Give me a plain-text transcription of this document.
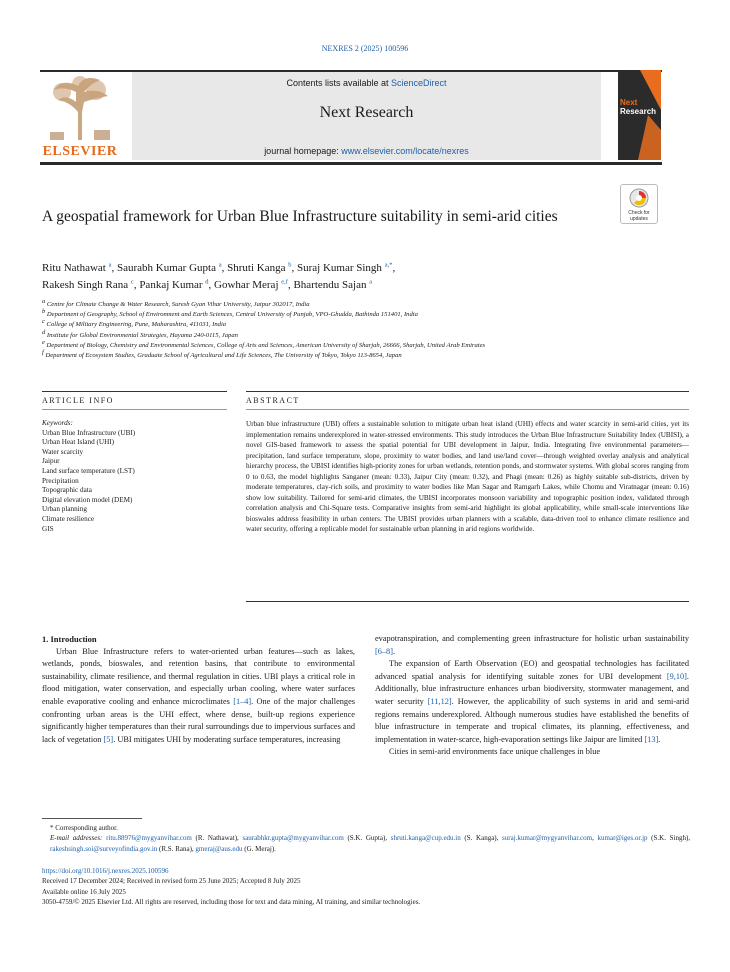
NEXRES 2 (2025) 100596
ELSEVIER
Contents lists available at ScienceDirect
Next Research
journal homepage: www.elsevier.com/locate/nexres
Next
Research
Check for
updates
A geospatial framework for Urban Blue Infrastructure suitability in semi-arid cities
Ritu Nathawat $^a$, Saurabh Kumar Gupta $^a$, Shruti Kanga $^b$, Suraj Kumar Singh $^{a,*}$,
Rakesh Singh Rana $^c$, Pankaj Kumar $^d$, Gowhar Meraj $^{e,f}$, Bhartendu Sajan $^a$
$^a$ Centre for Climate Change & Water Research, Suresh Gyan Vihar University, Jaipur 302017, India
$^b$ Department of Geography, School of Environment and Earth Sciences, Central University of Punjab, VPO-Ghudda, Bathinda 151401, India
$^c$ College of Military Engineering, Pune, Maharashtra, 411031, India
$^d$ Institute for Global Environmental Strategies, Hayama 240-0115, Japan
$^e$ Department of Biology, Chemistry and Environmental Sciences, College of Arts and Sciences, American University of Sharjah, 26666, Sharjah, United Arab Emirates
$^f$ Department of Ecosystem Studies, Graduate School of Agricultural and Life Sciences, The University of Tokyo, Tokyo 113-8654, Japan
ARTICLE INFO	ABSTRACT
Keywords:
Urban Blue Infrastructure (UBI)
Urban Heat Island (UHI)
Water scarcity
Jaipur
Land surface temperature (LST)
Precipitation
Topographic data
Digital elevation model (DEM)
Urban planning
Climate resilience
GIS
Urban blue infrastructure (UBI) offers a sustainable solution to mitigate urban heat island (UHI) effects and water scarcity in semi-arid cities, yet its implementation remains underexplored in water-stressed environments. This study introduces the Urban Blue Infrastructure Suitability Index (UBISI), a novel GIS-based framework to assess the spatial potential for UBI development in Jaipur, India. Integrating five environmental parameters—precipitation, land surface temperature, slope, proximity to water bodies, and land use/land cover—through weighted overlay analysis and analytical hierarchy process, the UBISI identifies high-priority zones for urban wetlands, retention ponds, and stormwater systems. With global scores ranging from 0 to 0.63, the model highlights Sanganer (mean: 0.33), Jaipur City (mean: 0.32), and Phagi (mean: 0.26) as highly suitable sub-districts, driven by moderate temperatures, clay-rich soils, and proximity to water bodies like Man Sagar and Ramgarh Lakes, while Chomu and Viratnagar (mean: 0.16) show low suitability. Tailored for semi-arid climates, the UBISI incorporates monsoon variability and topographic position index, validated through correlation analysis and Chi-Square tests. Comparative insights from semi-arid highlight its global applicability, while small-scale interventions like bioswales address feasibility in urban centers. The UBISI provides urban planners with a scalable, data-driven tool to enhance climate resilience and water security, offering a replicable model for sustainable urban planning in arid regions worldwide.

1. Introduction

Urban Blue Infrastructure refers to water-oriented urban features—such as lakes, wetlands, ponds, bioswales, and retention basins, that contribute to environmental sustainability, climate resilience, and thermal regulation in cities. UBI plays a critical role in flood mitigation, water conservation, and especially urban cooling, where water surfaces enable evaporative cooling and enhance microclimates [1–4]. One of the major challenges confronting urban areas is the UHI effect, where dense, built-up regions experience significantly higher temperatures than their rural surroundings due to impervious surfaces and lack of vegetation [5]. UBI mitigates UHI by moderating surface temperatures, increasing

evapotranspiration, and complementing green infrastructure for holistic urban sustainability [6–8].

The expansion of Earth Observation (EO) and geospatial technologies has facilitated advanced spatial analysis for identifying suitable zones for UBI development [9,10]. Additionally, blue infrastructure enhances urban biodiversity, stormwater management, and water security [11,12]. However, the applicability of such systems in arid and semi-arid regions remains underexplored. Although numerous studies have established the benefits of blue infrastructure in temperate and tropical climates, its planning, effectiveness, and implementation in water-scarce, high-evaporation settings like Jaipur are limited [13].

Cities in semi-arid environments face unique challenges in blue

* Corresponding author.

E-mail addresses: ritu.88976@mygyanvihar.com (R. Nathawat), saurabhkr.gupta@mygyanvihar.com (S.K. Gupta), shruti.kanga@cup.edu.in (S. Kanga), suraj.kumar@mygyanvihar.com, kumar@iges.or.jp (S.K. Singh), rakeshsingh.soi@surveyofindia.gov.in (R.S. Rana), gmeraj@aus.edu (G. Meraj).

https://doi.org/10.1016/j.nexres.2025.100596
Received 17 December 2024; Received in revised form 25 June 2025; Accepted 8 July 2025
Available online 16 July 2025
3050-4759/© 2025 Elsevier Ltd. All rights are reserved, including those for text and data mining, AI training, and similar technologies.
